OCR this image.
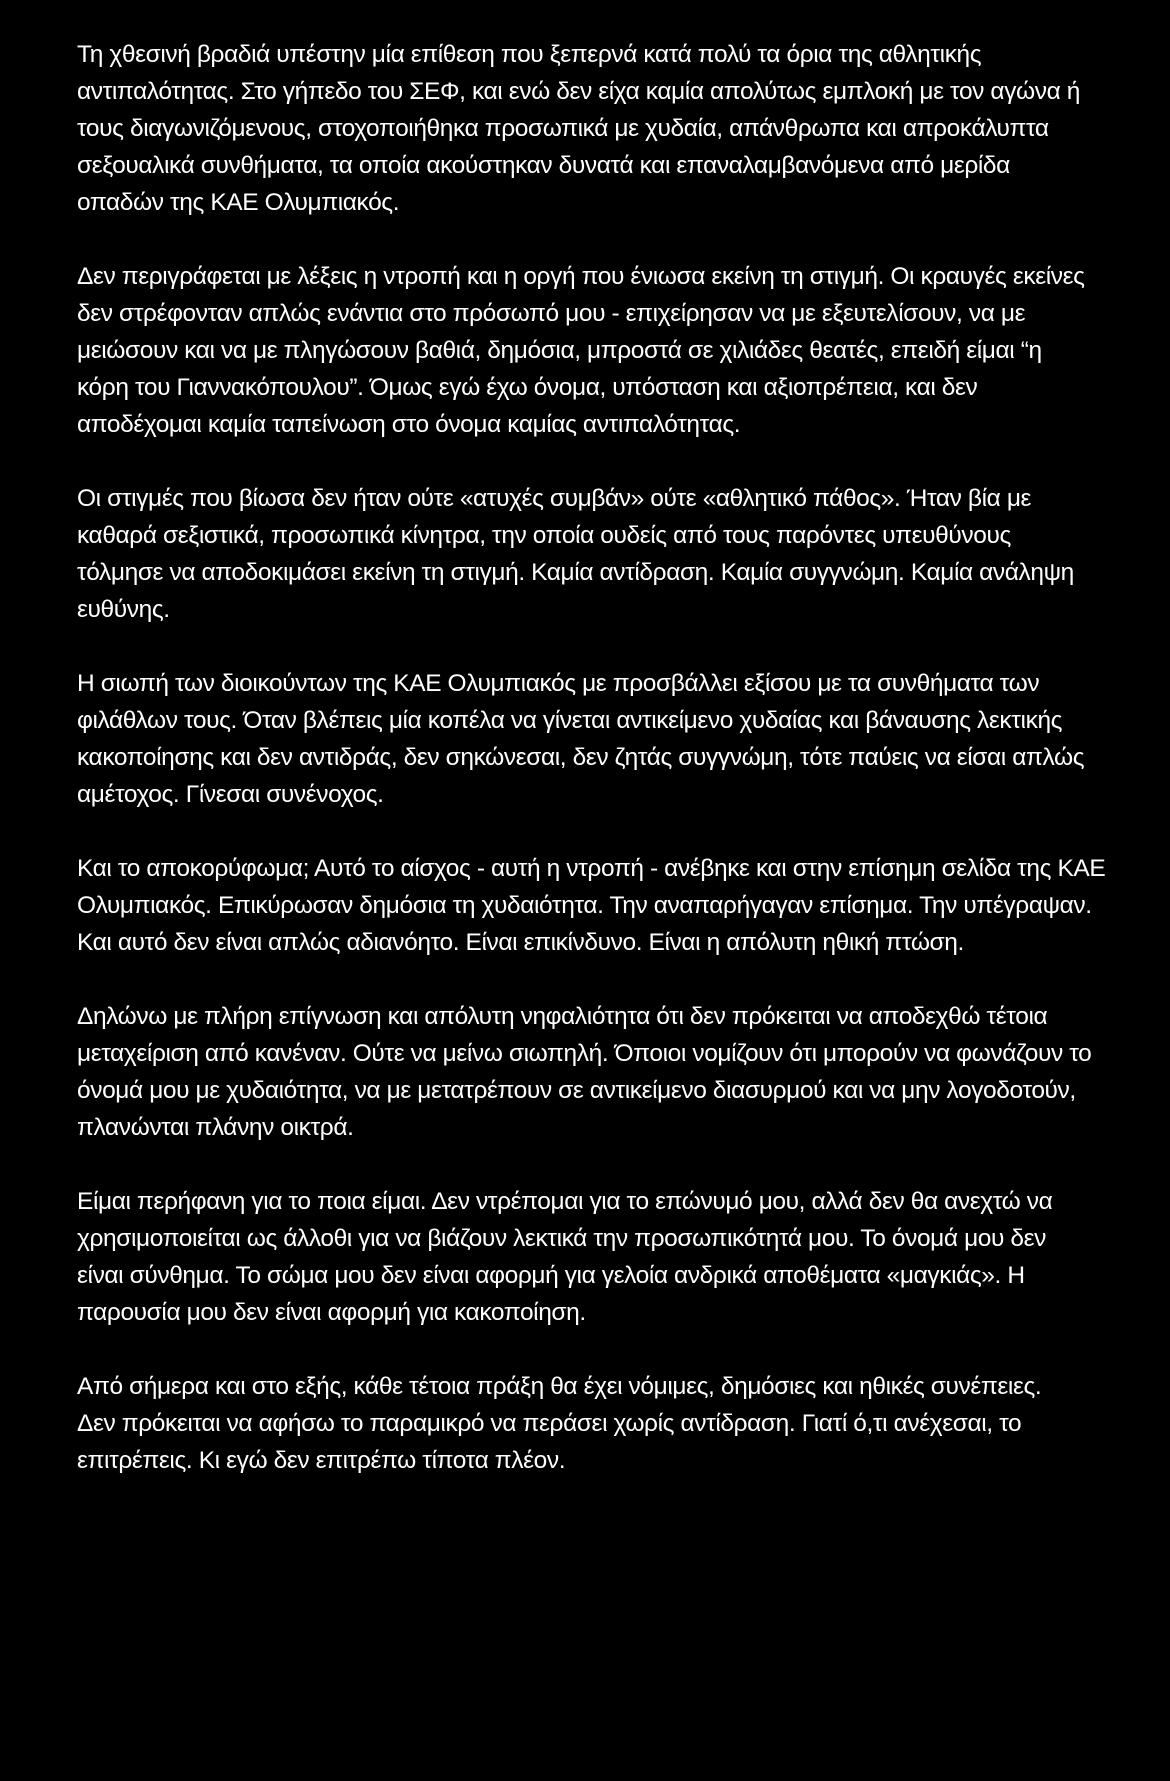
Τη χθεσινή βραδιά υπέστην μία επίθεση που ξεπερνά κατά πολύ τα όρια της αθλητικής
αντιπαλότητας. Στο γήπεδο του ΣΕΦ, και ενώ δεν είχα καμία απολύτως εμπλοκή με τον αγώνα ή
τους διαγωνιζόμενους, στοχοποιήθηκα προσωπικά με χυδαία, απάνθρωπα και απροκάλυπτα
σεξουαλικά συνθήματα, τα οποία ακούστηκαν δυνατά και επαναλαμβανόμενα από μερίδα
οπαδών της ΚΑΕ Ολυμπιακός.

Δεν περιγράφεται με λέξεις η ντροπή και η οργή που ένιωσα εκείνη τη στιγμή. Οι κραυγές εκείνες
δεν στρέφονταν απλώς ενάντια στο πρόσωπό μου - επιχείρησαν να με εξευτελίσουν, να με
μειώσουν και να με πληγώσουν βαθιά, δημόσια, μπροστά σε χιλιάδες θεατές, επειδή είμαι “η
κόρη του Γιαννακόπουλου”. Όμως εγώ έχω όνομα, υπόσταση και αξιοπρέπεια, και δεν
αποδέχομαι καμία ταπείνωση στο όνομα καμίας αντιπαλότητας.

Οι στιγμές που βίωσα δεν ήταν ούτε «ατυχές συμβάν» ούτε «αθλητικό πάθος». Ήταν βία με
καθαρά σεξιστικά, προσωπικά κίνητρα, την οποία ουδείς από τους παρόντες υπευθύνους
τόλμησε να αποδοκιμάσει εκείνη τη στιγμή. Καμία αντίδραση. Καμία συγγνώμη. Καμία ανάληψη
ευθύνης.

Η σιωπή των διοικούντων της ΚΑΕ Ολυμπιακός με προσβάλλει εξίσου με τα συνθήματα των
φιλάθλων τους. Όταν βλέπεις μία κοπέλα να γίνεται αντικείμενο χυδαίας και βάναυσης λεκτικής
κακοποίησης και δεν αντιδράς, δεν σηκώνεσαι, δεν ζητάς συγγνώμη, τότε παύεις να είσαι απλώς
αμέτοχος. Γίνεσαι συνένοχος.

Και το αποκορύφωμα; Αυτό το αίσχος - αυτή η ντροπή - ανέβηκε και στην επίσημη σελίδα της ΚΑΕ
Ολυμπιακός. Επικύρωσαν δημόσια τη χυδαιότητα. Την αναπαρήγαγαν επίσημα. Την υπέγραψαν.
Και αυτό δεν είναι απλώς αδιανόητο. Είναι επικίνδυνο. Είναι η απόλυτη ηθική πτώση.

Δηλώνω με πλήρη επίγνωση και απόλυτη νηφαλιότητα ότι δεν πρόκειται να αποδεχθώ τέτοια
μεταχείριση από κανέναν. Ούτε να μείνω σιωπηλή. Όποιοι νομίζουν ότι μπορούν να φωνάζουν το
όνομά μου με χυδαιότητα, να με μετατρέπουν σε αντικείμενο διασυρμού και να μην λογοδοτούν,
πλανώνται πλάνην οικτρά.

Είμαι περήφανη για το ποια είμαι. Δεν ντρέπομαι για το επώνυμό μου, αλλά δεν θα ανεχτώ να
χρησιμοποιείται ως άλλοθι για να βιάζουν λεκτικά την προσωπικότητά μου. Το όνομά μου δεν
είναι σύνθημα. Το σώμα μου δεν είναι αφορμή για γελοία ανδρικά αποθέματα «μαγκιάς». Η
παρουσία μου δεν είναι αφορμή για κακοποίηση.

Από σήμερα και στο εξής, κάθε τέτοια πράξη θα έχει νόμιμες, δημόσιες και ηθικές συνέπειες.
Δεν πρόκειται να αφήσω το παραμικρό να περάσει χωρίς αντίδραση. Γιατί ό,τι ανέχεσαι, το
επιτρέπεις. Κι εγώ δεν επιτρέπω τίποτα πλέον.
